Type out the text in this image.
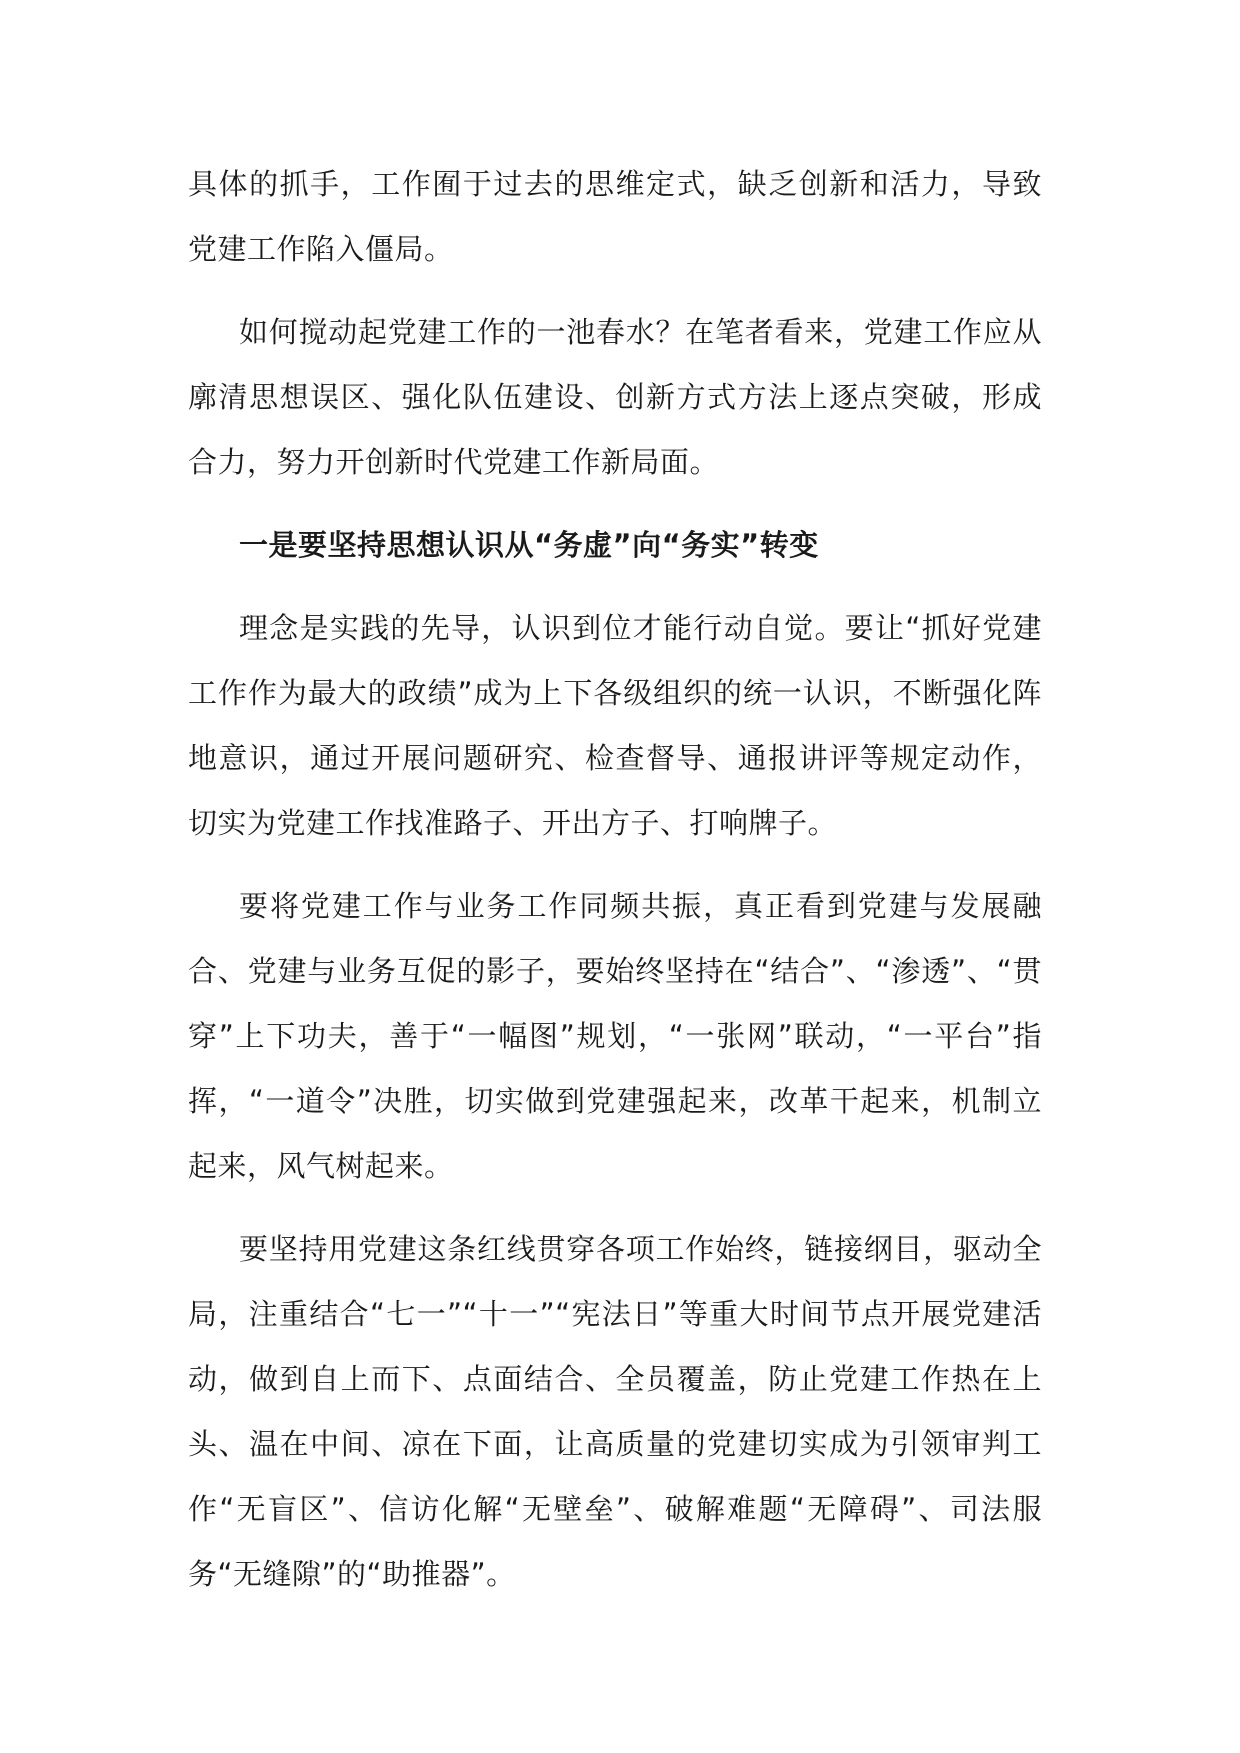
具体的抓手，工作囿于过去的思维定式，缺乏创新和活力，导致党建工作陷入僵局。

如何搅动起党建工作的一池春水？在笔者看来，党建工作应从廓清思想误区、强化队伍建设、创新方式方法上逐点突破，形成合力，努力开创新时代党建工作新局面。

一是要坚持思想认识从“务虚”向“务实”转变

理念是实践的先导，认识到位才能行动自觉。要让“抓好党建工作作为最大的政绩”成为上下各级组织的统一认识，不断强化阵地意识，通过开展问题研究、检查督导、通报讲评等规定动作，切实为党建工作找准路子、开出方子、打响牌子。

要将党建工作与业务工作同频共振，真正看到党建与发展融合、党建与业务互促的影子，要始终坚持在“结合”、“渗透”、“贯穿”上下功夫，善于“一幅图”规划，“一张网”联动，“一平台”指挥，“一道令”决胜，切实做到党建强起来，改革干起来，机制立起来，风气树起来。

要坚持用党建这条红线贯穿各项工作始终，链接纲目，驱动全局，注重结合“七一”“十一”“宪法日”等重大时间节点开展党建活动，做到自上而下、点面结合、全员覆盖，防止党建工作热在上头、温在中间、凉在下面，让高质量的党建切实成为引领审判工作“无盲区”、信访化解“无壁垒”、破解难题“无障碍”、司法服务“无缝隙”的“助推器”。
